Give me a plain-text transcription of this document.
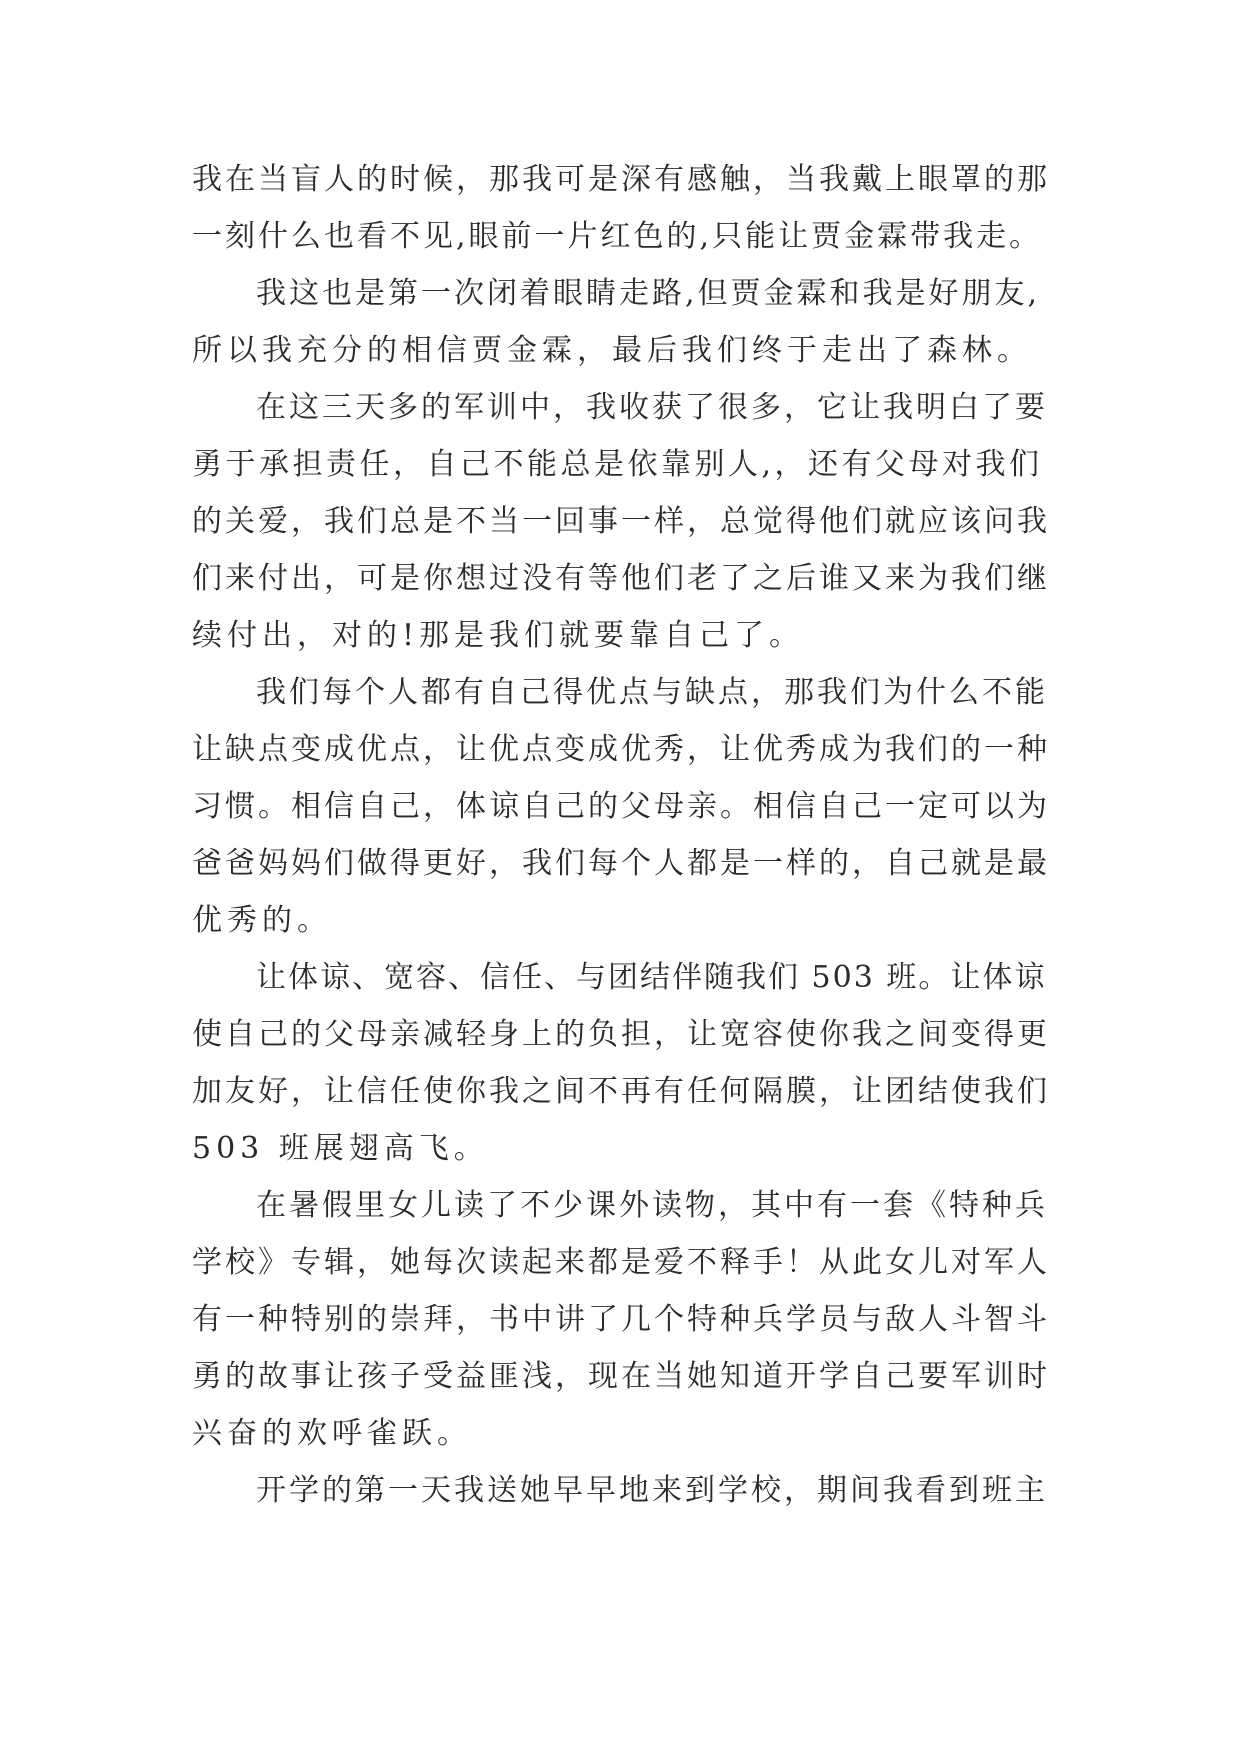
我在当盲人的时候，那我可是深有感触，当我戴上眼罩的那
一刻什么也看不见,眼前一片红色的,只能让贾金霖带我走。
我这也是第一次闭着眼睛走路,但贾金霖和我是好朋友,
所以我充分的相信贾金霖，最后我们终于走出了森林。
在这三天多的军训中，我收获了很多，它让我明白了要
勇于承担责任，自己不能总是依靠别人,，还有父母对我们
的关爱，我们总是不当一回事一样，总觉得他们就应该问我
们来付出，可是你想过没有等他们老了之后谁又来为我们继
续付出，对的!那是我们就要靠自己了。
我们每个人都有自己得优点与缺点，那我们为什么不能
让缺点变成优点，让优点变成优秀，让优秀成为我们的一种
习惯。相信自己，体谅自己的父母亲。相信自己一定可以为
爸爸妈妈们做得更好，我们每个人都是一样的，自己就是最
优秀的。
让体谅、宽容、信任、与团结伴随我们 503 班。让体谅
使自己的父母亲减轻身上的负担，让宽容使你我之间变得更
加友好，让信任使你我之间不再有任何隔膜，让团结使我们
503 班展翅高飞。
在暑假里女儿读了不少课外读物，其中有一套《特种兵
学校》专辑，她每次读起来都是爱不释手！从此女儿对军人
有一种特别的崇拜，书中讲了几个特种兵学员与敌人斗智斗
勇的故事让孩子受益匪浅，现在当她知道开学自己要军训时
兴奋的欢呼雀跃。
开学的第一天我送她早早地来到学校，期间我看到班主
